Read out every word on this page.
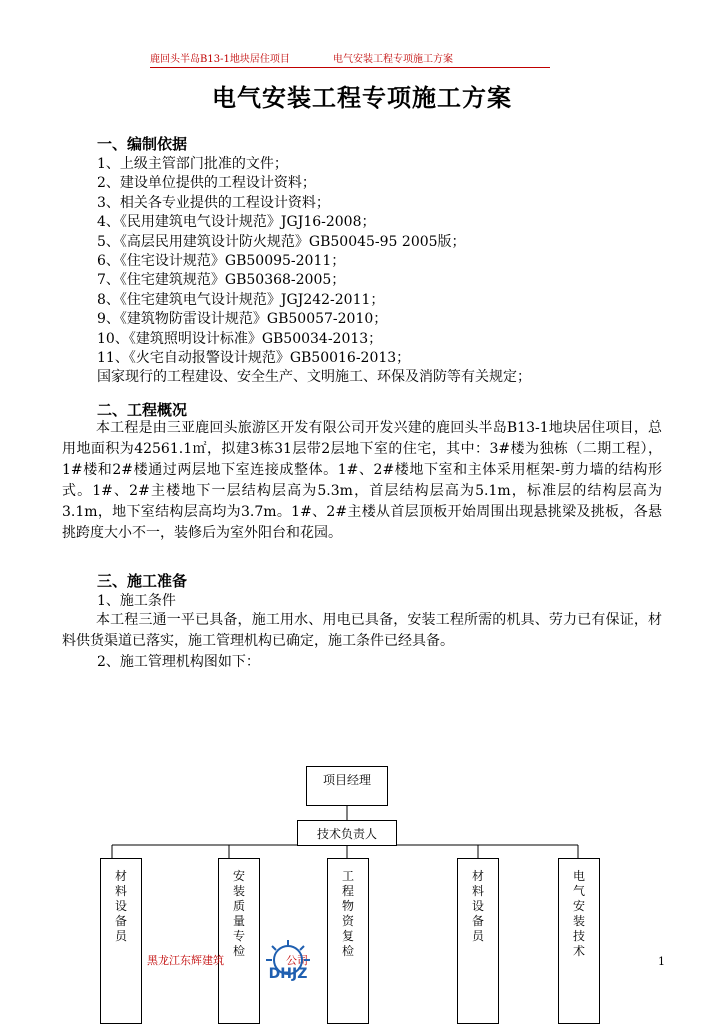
鹿回头半岛B13-1地块居住项目	电气安装工程专项施工方案
电气安装工程专项施工方案
一、编制依据
1、上级主管部门批准的文件；
2、建设单位提供的工程设计资料；
3、相关各专业提供的工程设计资料；
4、《民用建筑电气设计规范》JGJ16-2008；
5、《高层民用建筑设计防火规范》GB50045-95 2005版；
6、《住宅设计规范》GB50095-2011；
7、《住宅建筑规范》GB50368-2005；
8、《住宅建筑电气设计规范》JGJ242-2011；
9、《建筑物防雷设计规范》GB50057-2010；
10、《建筑照明设计标准》GB50034-2013；
11、《火宅自动报警设计规范》GB50016-2013；
国家现行的工程建设、安全生产、文明施工、环保及消防等有关规定；
二、工程概况
本工程是由三亚鹿回头旅游区开发有限公司开发兴建的鹿回头半岛B13-1地块居住项目，总用地面积为42561.1㎡，拟建3栋31层带2层地下室的住宅，其中：3#楼为独栋（二期工程），1#楼和2#楼通过两层地下室连接成整体。1#、2#楼地下室和主体采用框架-剪力墙的结构形式。1#、2#主楼地下一层结构层高为5.3m，首层结构层高为5.1m，标准层的结构层高为3.1m，地下室结构层高均为3.7m。1#、2#主楼从首层顶板开始周围出现悬挑梁及挑板，各悬挑跨度大小不一，装修后为室外阳台和花园。
三、施工准备
1、施工条件
本工程三通一平已具备，施工用水、用电已具备，安装工程所需的机具、劳力已有保证，材料供货渠道已落实，施工管理机构已确定，施工条件已经具备。
2、施工管理机构图如下：
项目经理
技术负责人
材料设备员
安装质量专检
工程物资复检
材料设备员
电气安装技术
黑龙江东辉建筑	公司
DHJZ
1
